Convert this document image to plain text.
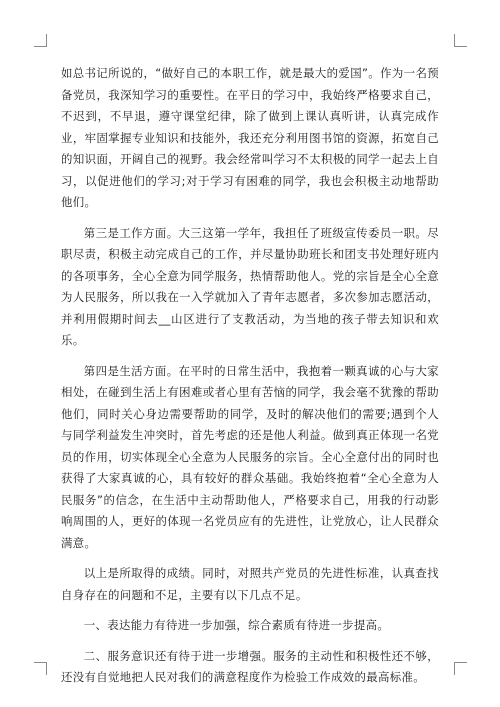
如总书记所说的，“做好自己的本职工作，就是最大的爱国”。作为一名预备党员，我深知学习的重要性。在平日的学习中，我始终严格要求自己，不迟到，不早退，遵守课堂纪律，除了做到上课认真听讲，认真完成作业，牢固掌握专业知识和技能外，我还充分利用图书馆的资源，拓宽自己的知识面，开阔自己的视野。我会经常叫学习不太积极的同学一起去上自习，以促进他们的学习;对于学习有困难的同学，我也会积极主动地帮助他们。

第三是工作方面。大三这第一学年，我担任了班级宣传委员一职。尽职尽责，积极主动完成自己的工作，并尽量协助班长和团支书处理好班内的各项事务，全心全意为同学服务，热情帮助他人。党的宗旨是全心全意为人民服务，所以我在一入学就加入了青年志愿者，多次参加志愿活动，并利用假期时间去__山区进行了支教活动，为当地的孩子带去知识和欢乐。

第四是生活方面。在平时的日常生活中，我抱着一颗真诚的心与大家相处，在碰到生活上有困难或者心里有苦恼的同学，我会毫不犹豫的帮助他们，同时关心身边需要帮助的同学，及时的解决他们的需要;遇到个人与同学利益发生冲突时，首先考虑的还是他人利益。做到真正体现一名党员的作用，切实体现全心全意为人民服务的宗旨。全心全意付出的同时也获得了大家真诚的心，具有较好的群众基础。我始终抱着“全心全意为人民服务”的信念，在生活中主动帮助他人，严格要求自己，用我的行动影响周围的人，更好的体现一名党员应有的先进性，让党放心，让人民群众满意。

以上是所取得的成绩。同时，对照共产党员的先进性标准，认真查找自身存在的问题和不足，主要有以下几点不足。

一、表达能力有待进一步加强，综合素质有待进一步提高。

二、服务意识还有待于进一步增强。服务的主动性和积极性还不够，还没有自觉地把人民对我们的满意程度作为检验工作成效的最高标准。
